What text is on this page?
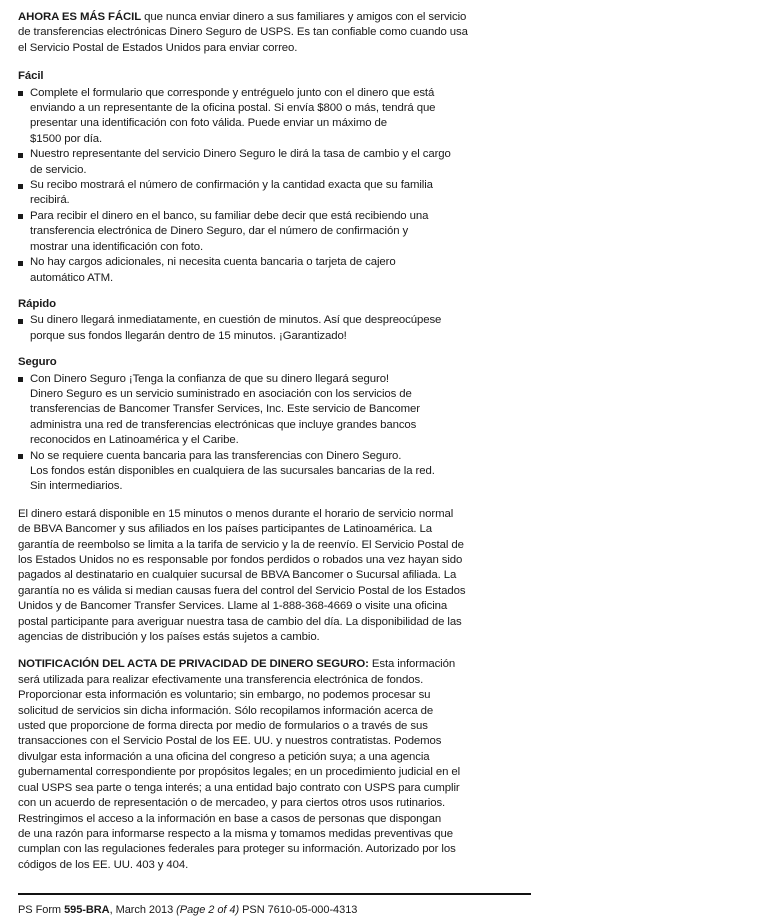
AHORA ES MÁS FÁCIL que nunca enviar dinero a sus familiares y amigos con el servicio
de transferencias electrónicas Dinero Seguro de USPS. Es tan confiable como cuando usa
el Servicio Postal de Estados Unidos para enviar correo.

Fácil
Complete el formulario que corresponde y entréguelo junto con el dinero que está
enviando a un representante de la oficina postal. Si envía $800 o más, tendrá que
presentar una identificación con foto válida. Puede enviar un máximo de
$1500 por día.
Nuestro representante del servicio Dinero Seguro le dirá la tasa de cambio y el cargo
de servicio.
Su recibo mostrará el número de confirmación y la cantidad exacta que su familia
recibirá.
Para recibir el dinero en el banco, su familiar debe decir que está recibiendo una
transferencia electrónica de Dinero Seguro, dar el número de confirmación y
mostrar una identificación con foto.
No hay cargos adicionales, ni necesita cuenta bancaria o tarjeta de cajero
automático ATM.
Rápido
Su dinero llegará inmediatamente, en cuestión de minutos. Así que despreocúpese
porque sus fondos llegarán dentro de 15 minutos. ¡Garantizado!
Seguro
Con Dinero Seguro ¡Tenga la confianza de que su dinero llegará seguro!
Dinero Seguro es un servicio suministrado en asociación con los servicios de
transferencias de Bancomer Transfer Services, Inc. Este servicio de Bancomer
administra una red de transferencias electrónicas que incluye grandes bancos
reconocidos en Latinoamérica y el Caribe.
No se requiere cuenta bancaria para las transferencias con Dinero Seguro.
Los fondos están disponibles en cualquiera de las sucursales bancarias de la red.
Sin intermediarios.

El dinero estará disponible en 15 minutos o menos durante el horario de servicio normal
de BBVA Bancomer y sus afiliados en los países participantes de Latinoamérica. La
garantía de reembolso se limita a la tarifa de servicio y la de reenvío. El Servicio Postal de
los Estados Unidos no es responsable por fondos perdidos o robados una vez hayan sido
pagados al destinatario en cualquier sucursal de BBVA Bancomer o Sucursal afiliada. La
garantía no es válida si median causas fuera del control del Servicio Postal de los Estados
Unidos y de Bancomer Transfer Services. Llame al 1-888-368-4669 o visite una oficina
postal participante para averiguar nuestra tasa de cambio del día. La disponibilidad de las
agencias de distribución y los países estás sujetos a cambio.

NOTIFICACIÓN DEL ACTA DE PRIVACIDAD DE DINERO SEGURO: Esta información
será utilizada para realizar efectivamente una transferencia electrónica de fondos.
Proporcionar esta información es voluntario; sin embargo, no podemos procesar su
solicitud de servicios sin dicha información. Sólo recopilamos información acerca de
usted que proporcione de forma directa por medio de formularios o a través de sus
transacciones con el Servicio Postal de los EE. UU. y nuestros contratistas. Podemos
divulgar esta información a una oficina del congreso a petición suya; a una agencia
gubernamental correspondiente por propósitos legales; en un procedimiento judicial en el
cual USPS sea parte o tenga interés; a una entidad bajo contrato con USPS para cumplir
con un acuerdo de representación o de mercadeo, y para ciertos otros usos rutinarios.
Restringimos el acceso a la información en base a casos de personas que dispongan
de una razón para informarse respecto a la misma y tomamos medidas preventivas que
cumplan con las regulaciones federales para proteger su información. Autorizado por los
códigos de los EE. UU. 403 y 404.

PS Form 595-BRA, March 2013 (Page 2 of 4) PSN 7610-05-000-4313
